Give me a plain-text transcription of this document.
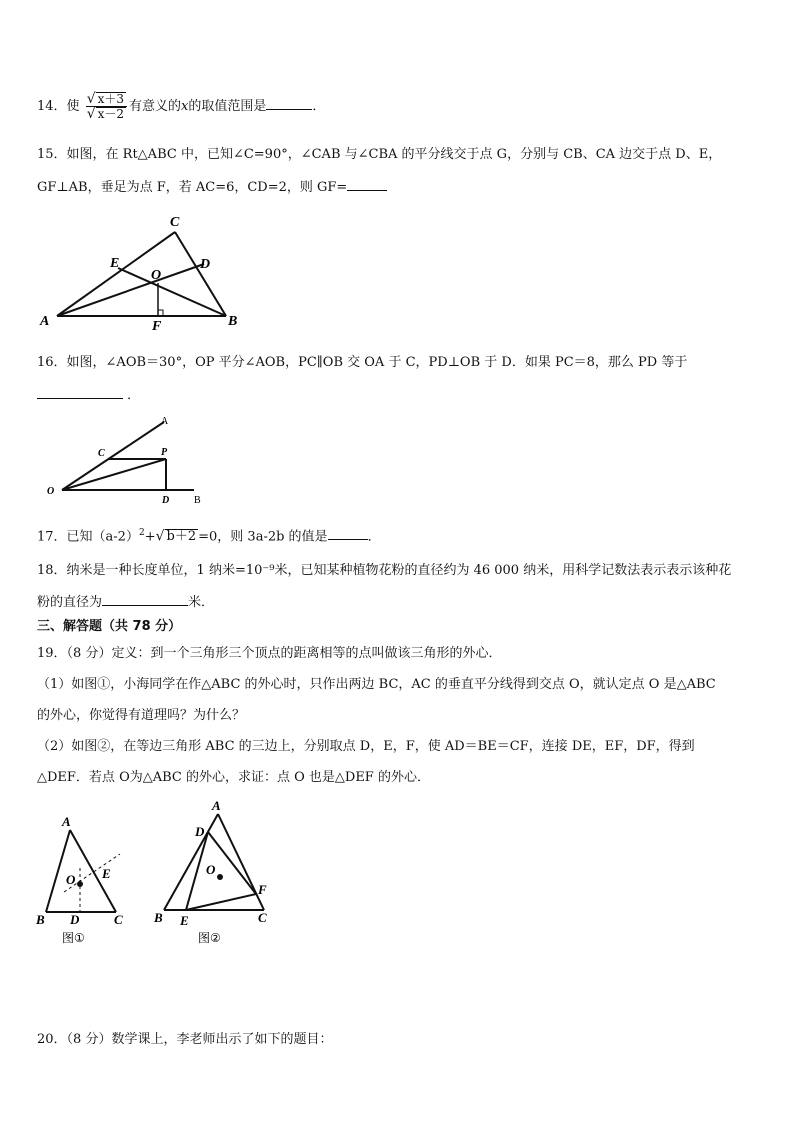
14．使 $\frac{√ x+3}{√ x-2}$ 有意义的x的取值范围是	．
15．如图，在 Rt△ABC 中，已知∠C=90°，∠CAB 与∠CBA 的平分线交于点 G，分别与 CB、CA 边交于点 D、E，
GF⊥AB，垂足为点 F，若 AC=6，CD=2，则 GF=
C
E	D
O
A	F	B
16．如图，∠AOB＝30°，OP 平分∠AOB，PC∥OB 交 OA 于 C，PD⊥OB 于 D．如果 PC＝8，那么 PD 等于
．
A
C	P
O
D B
17．已知$(a-2)^2+√$ b＋2 =0，则 3a-2b 的值是	．
18．纳米是一种长度单位，1 纳米=10⁻⁹米，已知某种植物花粉的直径约为 46 000 纳米，用科学记数法表示表示该种花
粉的直径为	米．
三、解答题（共 78 分）
19．（8 分）定义：到一个三角形三个顶点的距离相等的点叫做该三角形的外心．
（1）如图①，小海同学在作△ABC 的外心时，只作出两边 BC，AC 的垂直平分线得到交点 O，就认定点 O 是△ABC
的外心，你觉得有道理吗？为什么？
（2）如图②，在等边三角形 ABC 的三边上，分别取点 D，E，F，使 AD＝BE＝CF，连接 DE，EF，DF，得到
△DEF．若点 O为△ABC 的外心，求证：点 O 也是△DEF 的外心．
A
O E
B D	C
图①
A
D
O
F
B E	C
图②
20．（8 分）数学课上，李老师出示了如下的题目：
